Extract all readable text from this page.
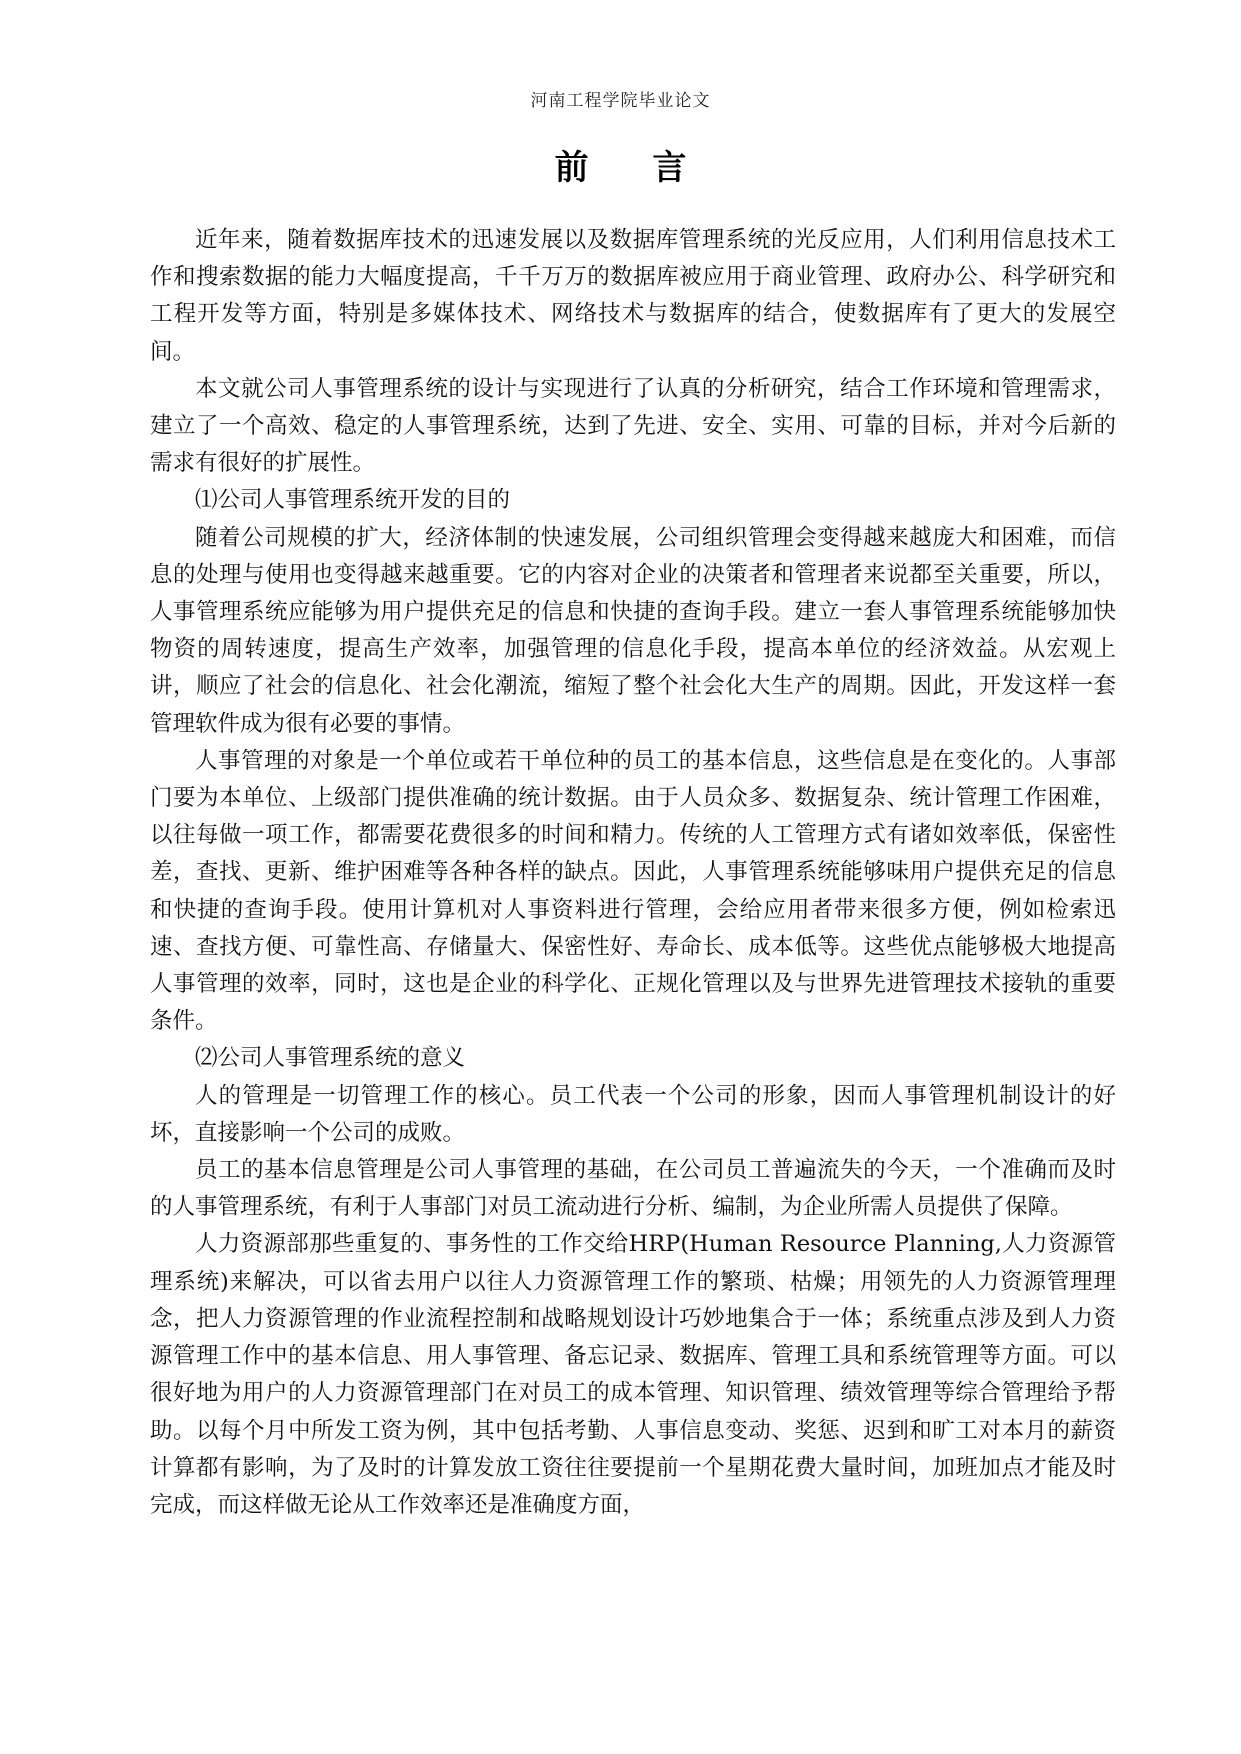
河南工程学院毕业论文
前 言

近年来，随着数据库技术的迅速发展以及数据库管理系统的光反应用，人们利用信息技术工作和搜索数据的能力大幅度提高，千千万万的数据库被应用于商业管理、政府办公、科学研究和工程开发等方面，特别是多媒体技术、网络技术与数据库的结合，使数据库有了更大的发展空间。

本文就公司人事管理系统的设计与实现进行了认真的分析研究，结合工作环境和管理需求，建立了一个高效、稳定的人事管理系统，达到了先进、安全、实用、可靠的目标，并对今后新的需求有很好的扩展性。

⑴公司人事管理系统开发的目的

随着公司规模的扩大，经济体制的快速发展，公司组织管理会变得越来越庞大和困难，而信息的处理与使用也变得越来越重要。它的内容对企业的决策者和管理者来说都至关重要，所以，人事管理系统应能够为用户提供充足的信息和快捷的查询手段。建立一套人事管理系统能够加快物资的周转速度，提高生产效率，加强管理的信息化手段，提高本单位的经济效益。从宏观上讲，顺应了社会的信息化、社会化潮流，缩短了整个社会化大生产的周期。因此，开发这样一套管理软件成为很有必要的事情。

人事管理的对象是一个单位或若干单位种的员工的基本信息，这些信息是在变化的。人事部门要为本单位、上级部门提供准确的统计数据。由于人员众多、数据复杂、统计管理工作困难，以往每做一项工作，都需要花费很多的时间和精力。传统的人工管理方式有诸如效率低，保密性差，查找、更新、维护困难等各种各样的缺点。因此，人事管理系统能够味用户提供充足的信息和快捷的查询手段。使用计算机对人事资料进行管理，会给应用者带来很多方便，例如检索迅速、查找方便、可靠性高、存储量大、保密性好、寿命长、成本低等。这些优点能够极大地提高人事管理的效率，同时，这也是企业的科学化、正规化管理以及与世界先进管理技术接轨的重要条件。

⑵公司人事管理系统的意义

人的管理是一切管理工作的核心。员工代表一个公司的形象，因而人事管理机制设计的好坏，直接影响一个公司的成败。

员工的基本信息管理是公司人事管理的基础，在公司员工普遍流失的今天，一个准确而及时的人事管理系统，有利于人事部门对员工流动进行分析、编制，为企业所需人员提供了保障。

人力资源部那些重复的、事务性的工作交给HRP(Human Resource Planning,人力资源管理系统)来解决，可以省去用户以往人力资源管理工作的繁琐、枯燥；用领先的人力资源管理理念，把人力资源管理的作业流程控制和战略规划设计巧妙地集合于一体；系统重点涉及到人力资源管理工作中的基本信息、用人事管理、备忘记录、数据库、管理工具和系统管理等方面。可以很好地为用户的人力资源管理部门在对员工的成本管理、知识管理、绩效管理等综合管理给予帮助。以每个月中所发工资为例，其中包括考勤、人事信息变动、奖惩、迟到和旷工对本月的薪资计算都有影响，为了及时的计算发放工资往往要提前一个星期花费大量时间，加班加点才能及时完成，而这样做无论从工作效率还是准确度方面，
